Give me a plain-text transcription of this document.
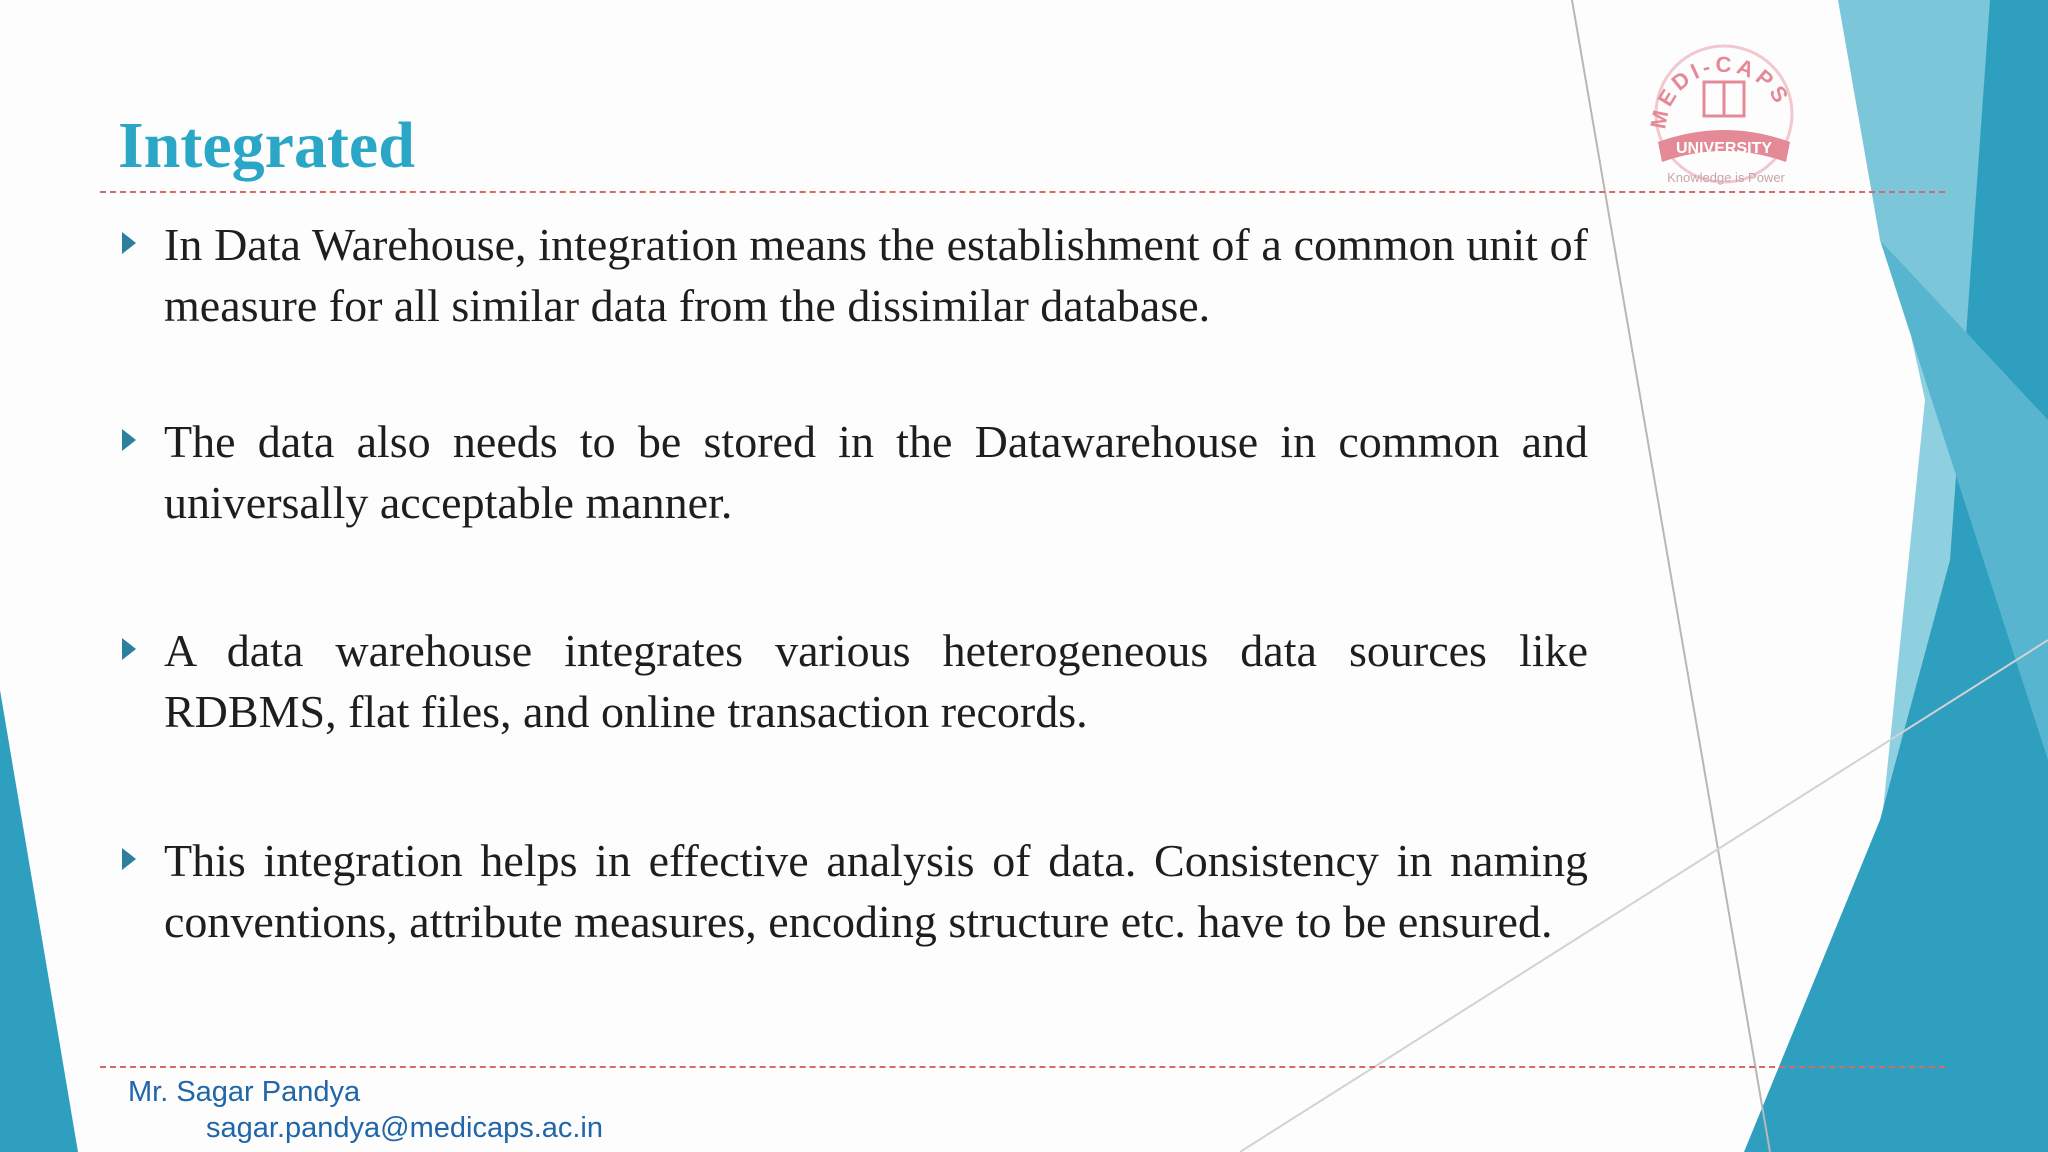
MEDI-CAPS
UNIVERSITY
Knowledge is Power
Integrated
In Data Warehouse, integration means the establishment of a common unit of measure for all similar data from the dissimilar database.
The data also needs to be stored in the Datawarehouse in common and universally acceptable manner.
A data warehouse integrates various heterogeneous data sources like RDBMS, flat files, and online transaction records.
This integration helps in effective analysis of data. Consistency in naming conventions, attribute measures, encoding structure etc. have to be ensured.
Mr. Sagar Pandya
sagar.pandya@medicaps.ac.in
